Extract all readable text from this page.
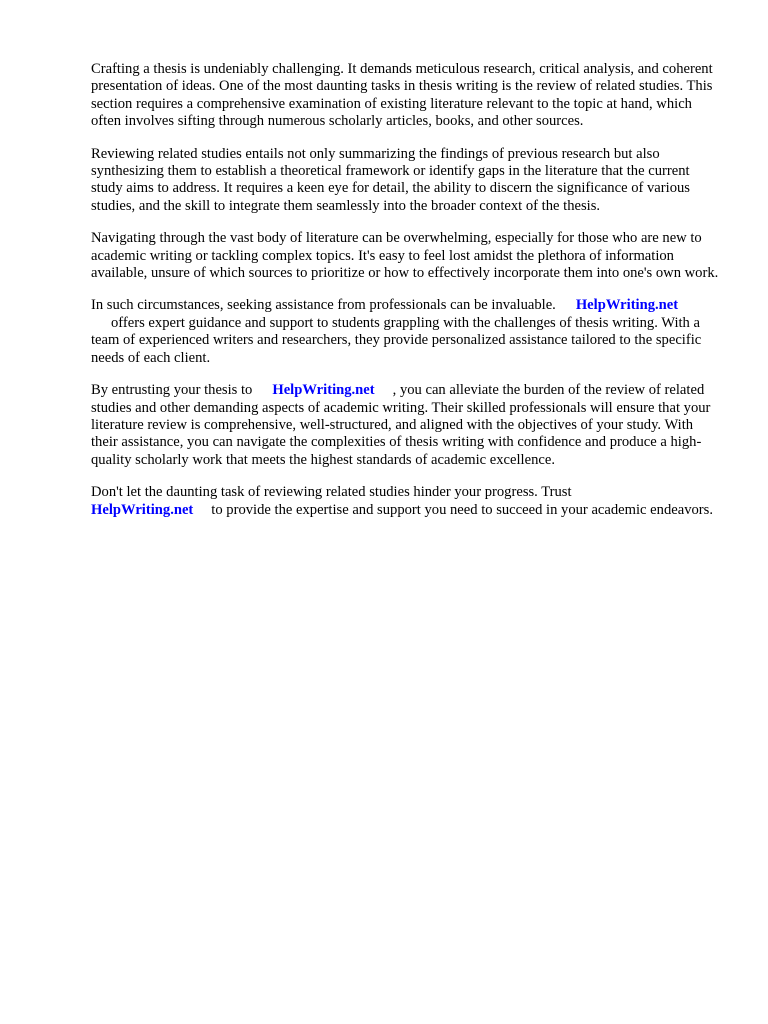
Crafting a thesis is undeniably challenging. It demands meticulous research, critical analysis, and coherent presentation of ideas. One of the most daunting tasks in thesis writing is the review of related studies. This section requires a comprehensive examination of existing literature relevant to the topic at hand, which often involves sifting through numerous scholarly articles, books, and other sources.

Reviewing related studies entails not only summarizing the findings of previous research but also synthesizing them to establish a theoretical framework or identify gaps in the literature that the current study aims to address. It requires a keen eye for detail, the ability to discern the significance of various studies, and the skill to integrate them seamlessly into the broader context of the thesis.

Navigating through the vast body of literature can be overwhelming, especially for those who are new to academic writing or tackling complex topics. It's easy to feel lost amidst the plethora of information available, unsure of which sources to prioritize or how to effectively incorporate them into one's own work.

In such circumstances, seeking assistance from professionals can be invaluable. HelpWriting.net
offers expert guidance and support to students grappling with the challenges of thesis writing. With a team of experienced writers and researchers, they provide personalized assistance tailored to the specific needs of each client.

By entrusting your thesis to HelpWriting.net , you can alleviate the burden of the review of related studies and other demanding aspects of academic writing. Their skilled professionals will ensure that your literature review is comprehensive, well-structured, and aligned with the objectives of your study. With their assistance, you can navigate the complexities of thesis writing with confidence and produce a high-quality scholarly work that meets the highest standards of academic excellence.

Don't let the daunting task of reviewing related studies hinder your progress. Trust
HelpWriting.net to provide the expertise and support you need to succeed in your academic endeavors.
